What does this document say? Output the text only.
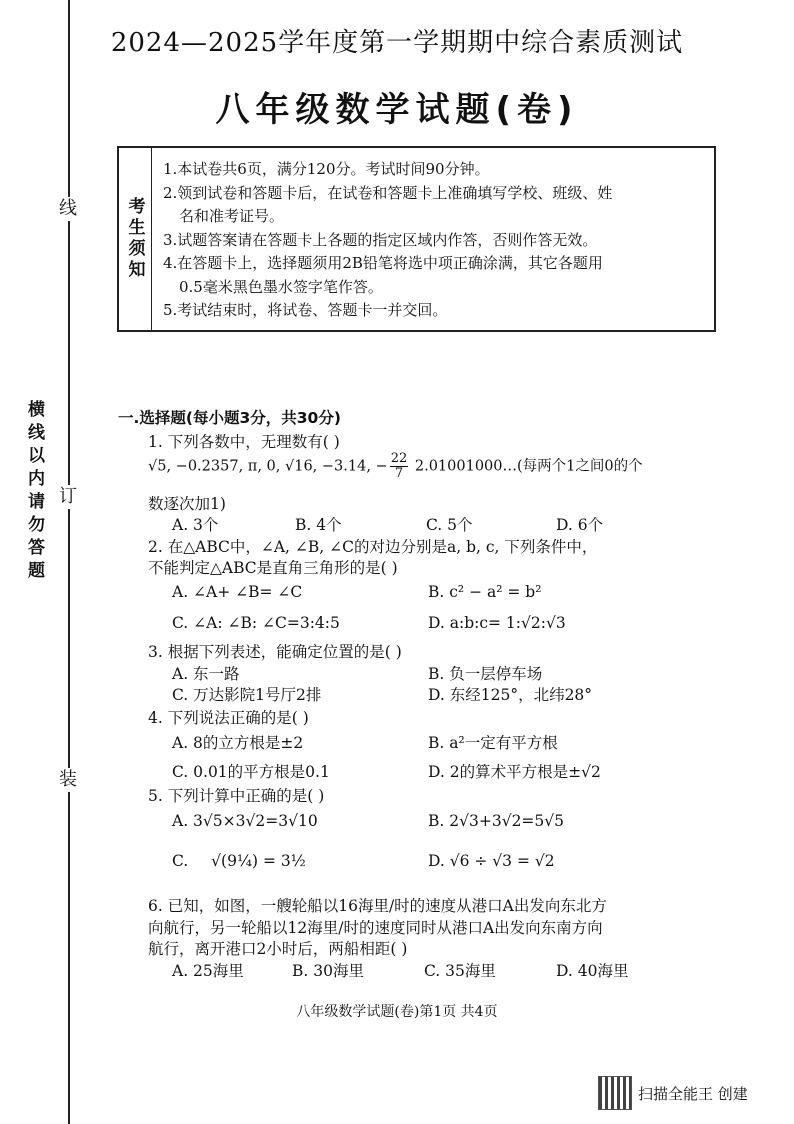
线
订
装
横线以内请勿答题
2024—2025学年度第一学期期中综合素质测试
八年级数学试题(卷)
考生须知
1.本试卷共6页，满分120分。考试时间90分钟。
2.领到试卷和答题卡后，在试卷和答题卡上准确填写学校、班级、姓
名和准考证号。
3.试题答案请在答题卡上各题的指定区域内作答，否则作答无效。
4.在答题卡上，选择题须用2B铅笔将选中项正确涂满，其它各题用
0.5毫米黑色墨水签字笔作答。
5.考试结束时，将试卷、答题卡一并交回。
一.选择题(每小题3分，共30分)
1. 下列各数中，无理数有( )
√5, −0.2357, π, 0, √16, −3.14, − $\frac{22}{7}$ 2.01001000…(每两个1之间0的个
数逐次加1)
A. 3个	B. 4个	C. 5个	D. 6个
2. 在△ABC中，∠A, ∠B, ∠C的对边分别是a, b, c, 下列条件中，
不能判定△ABC是直角三角形的是( )
A. ∠A+ ∠B= ∠C	B. c² − a² = b²
C. ∠A: ∠B: ∠C=3:4:5	D. a:b:c= 1:√2:√3
3. 根据下列表述，能确定位置的是( )
A. 东一路	B. 负一层停车场
C. 万达影院1号厅2排	D. 东经125°，北纬28°
4. 下列说法正确的是( )
A. 8的立方根是±2	B. a²一定有平方根
C. 0.01的平方根是0.1	D. 2的算术平方根是±√2
5. 下列计算中正确的是( )
A. 3√5×3√2=3√10	B. 2√3+3√2=5√5
C. √(9¼) = 3½	D. √6 ÷ √3 = √2
6. 已知，如图，一艘轮船以16海里/时的速度从港口A出发向东北方
向航行，另一轮船以12海里/时的速度同时从港口A出发向东南方向
航行，离开港口2小时后，两船相距( )
A. 25海里	B. 30海里	C. 35海里	D. 40海里
八年级数学试题(卷)第1页 共4页
扫描全能王 创建
